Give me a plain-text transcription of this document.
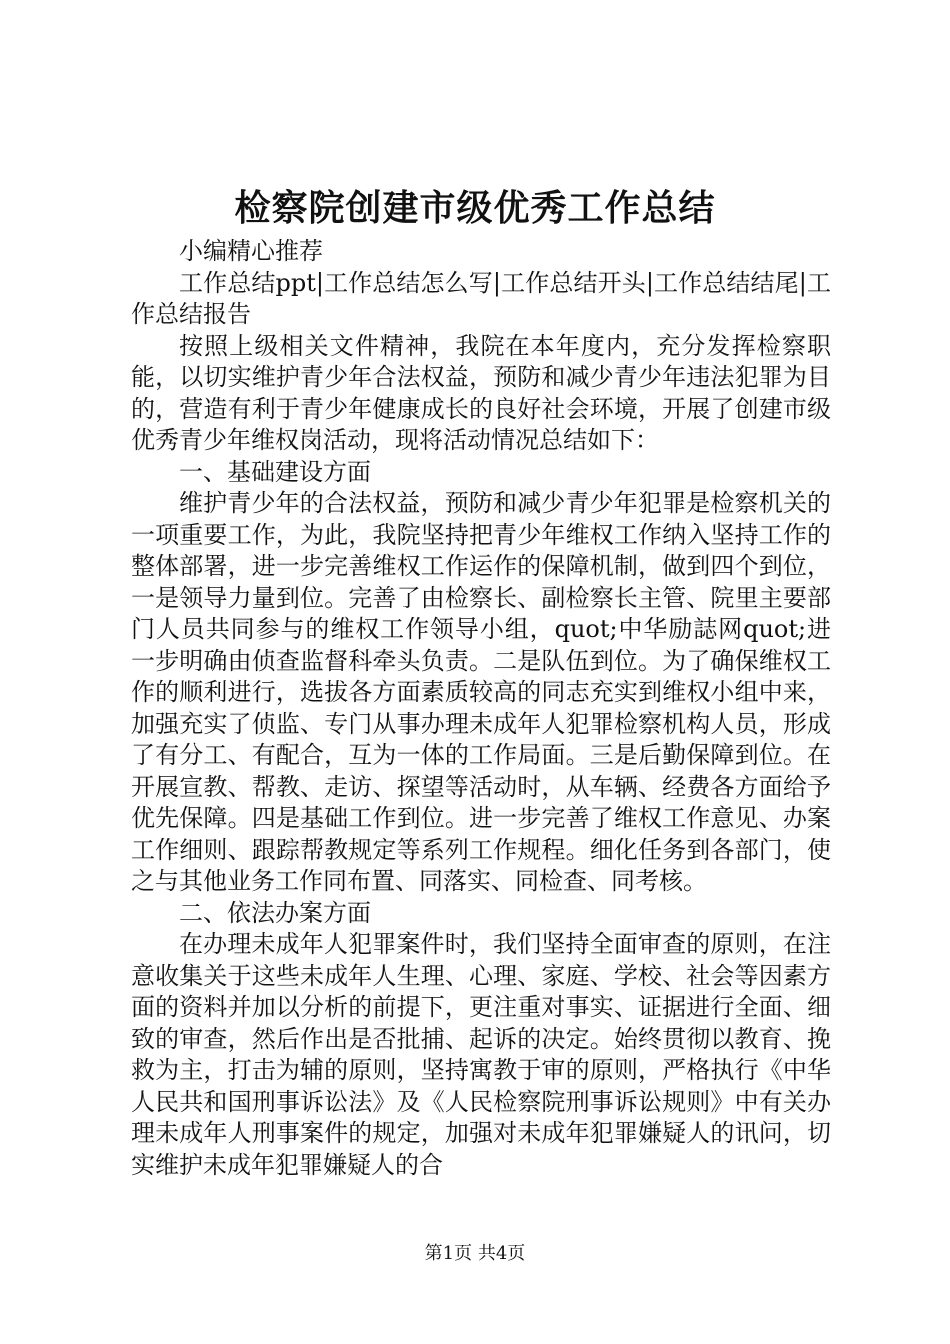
检察院创建市级优秀工作总结

小编精心推荐

工作总结ppt|工作总结怎么写|工作总结开头|工作总结结尾|工作总结报告

按照上级相关文件精神，我院在本年度内，充分发挥检察职能，以切实维护青少年合法权益，预防和减少青少年违法犯罪为目的，营造有利于青少年健康成长的良好社会环境，开展了创建市级优秀青少年维权岗活动，现将活动情况总结如下：

一、基础建设方面

维护青少年的合法权益，预防和减少青少年犯罪是检察机关的一项重要工作，为此，我院坚持把青少年维权工作纳入坚持工作的整体部署，进一步完善维权工作运作的保障机制，做到四个到位，一是领导力量到位。完善了由检察长、副检察长主管、院里主要部门人员共同参与的维权工作领导小组，quot;中华励誌网quot;进一步明确由侦查监督科牵头负责。二是队伍到位。为了确保维权工作的顺利进行，选拔各方面素质较高的同志充实到维权小组中来，加强充实了侦监、专门从事办理未成年人犯罪检察机构人员，形成了有分工、有配合，互为一体的工作局面。三是后勤保障到位。在开展宣教、帮教、走访、探望等活动时，从车辆、经费各方面给予优先保障。四是基础工作到位。进一步完善了维权工作意见、办案工作细则、跟踪帮教规定等系列工作规程。细化任务到各部门，使之与其他业务工作同布置、同落实、同检查、同考核。

二、依法办案方面

在办理未成年人犯罪案件时，我们坚持全面审查的原则，在注意收集关于这些未成年人生理、心理、家庭、学校、社会等因素方面的资料并加以分析的前提下，更注重对事实、证据进行全面、细致的审查，然后作出是否批捕、起诉的决定。始终贯彻以教育、挽救为主，打击为辅的原则，坚持寓教于审的原则，严格执行《中华人民共和国刑事诉讼法》及《人民检察院刑事诉讼规则》中有关办理未成年人刑事案件的规定，加强对未成年犯罪嫌疑人的讯问，切实维护未成年犯罪嫌疑人的合

第1页 共4页
